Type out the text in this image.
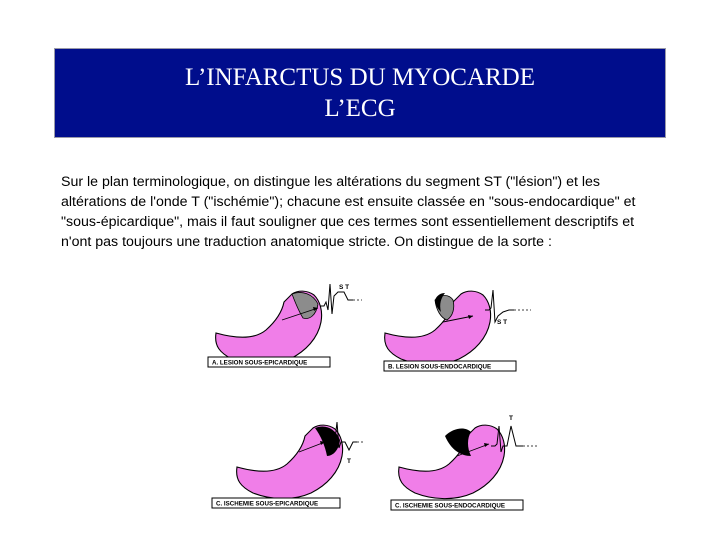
L’INFARCTUS DU MYOCARDE
L’ECG
Sur le plan terminologique, on distingue les altérations du segment ST ("lésion") et les altérations de l'onde T ("ischémie"); chacune est ensuite classée en "sous-endocardique" et "sous-épicardique", mais il faut souligner que ces termes sont essentiellement descriptifs et n'ont pas toujours une traduction anatomique stricte. On distingue de la sorte :
S T
A. LESION SOUS-EPICARDIQUE
S T
B. LESION SOUS-ENDOCARDIQUE
T
C. ISCHEMIE SOUS-EPICARDIQUE
T
C. ISCHEMIE SOUS-ENDOCARDIQUE
